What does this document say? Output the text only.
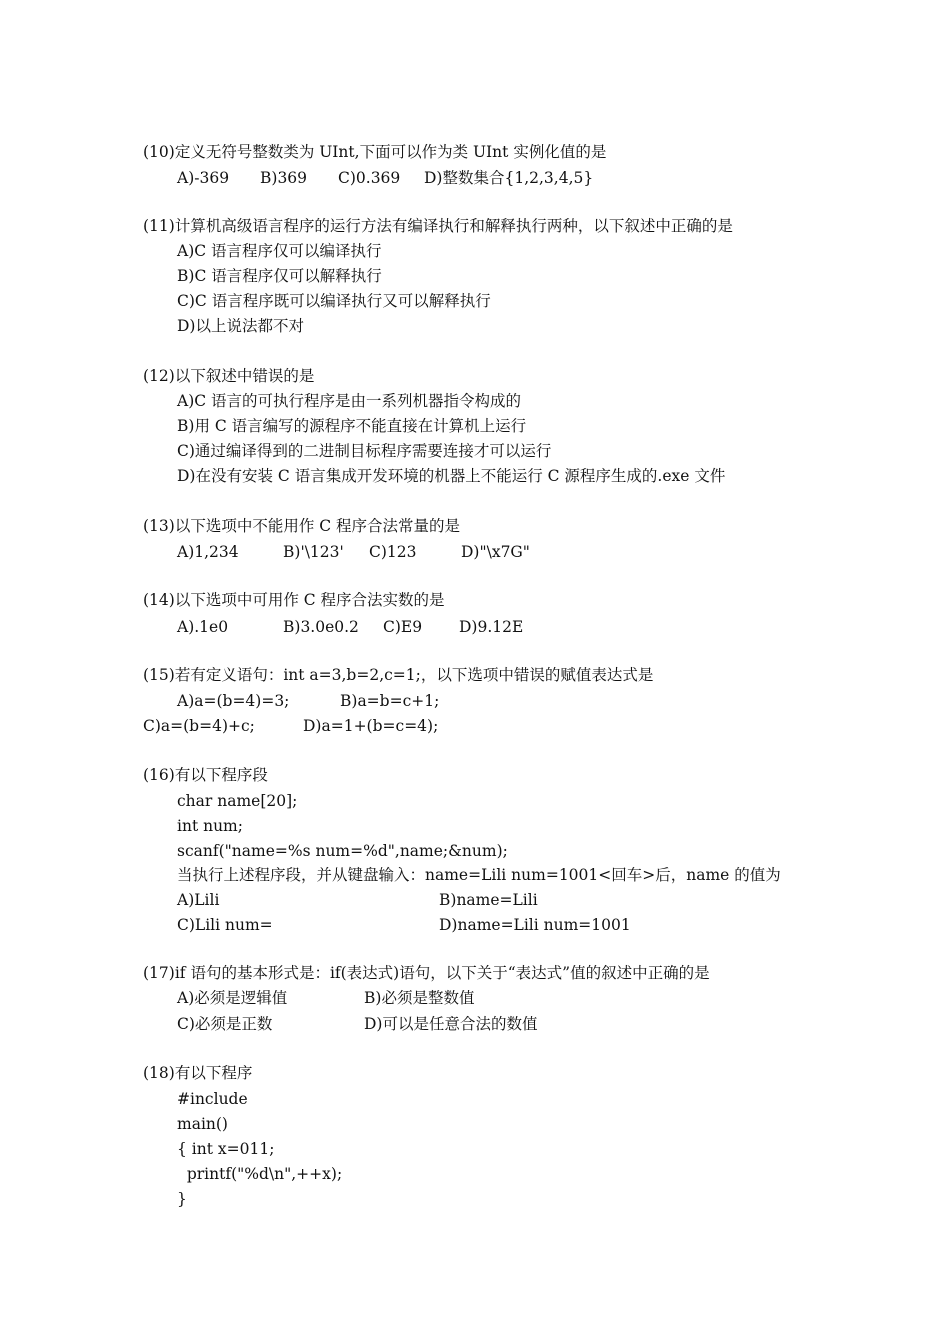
(10)定义无符号整数类为 UInt,下面可以作为类 UInt 实例化值的是
A)-369 B)369 C)0.369 D)整数集合{1,2,3,4,5}
(11)计算机高级语言程序的运行方法有编译执行和解释执行两种，以下叙述中正确的是
A)C 语言程序仅可以编译执行
B)C 语言程序仅可以解释执行
C)C 语言程序既可以编译执行又可以解释执行
D)以上说法都不对
(12)以下叙述中错误的是
A)C 语言的可执行程序是由一系列机器指令构成的
B)用 C 语言编写的源程序不能直接在计算机上运行
C)通过编译得到的二进制目标程序需要连接才可以运行
D)在没有安装 C 语言集成开发环境的机器上不能运行 C 源程序生成的.exe 文件
(13)以下选项中不能用作 C 程序合法常量的是
A)1,234	B)'\123' C)123	D)"\x7G"
(14)以下选项中可用作 C 程序合法实数的是
A).1e0	B)3.0e0.2 C)E9 D)9.12E
(15)若有定义语句：int a=3,b=2,c=1;，以下选项中错误的赋值表达式是
A)a=(b=4)=3;	B)a=b=c+1;
C)a=(b=4)+c;	D)a=1+(b=c=4);
(16)有以下程序段
char name[20];
int num;
scanf("name=%s num=%d",name;&num);
当执行上述程序段，并从键盘输入：name=Lili num=1001<回车>后，name 的值为
A)Lili	B)name=Lili
C)Lili num=	D)name=Lili num=1001
(17)if 语句的基本形式是：if(表达式)语句，以下关于“表达式”值的叙述中正确的是
A)必须是逻辑值	B)必须是整数值
C)必须是正数	D)可以是任意合法的数值
(18)有以下程序
#include
main()
{ int x=011;
printf("%d\n",++x);
}
